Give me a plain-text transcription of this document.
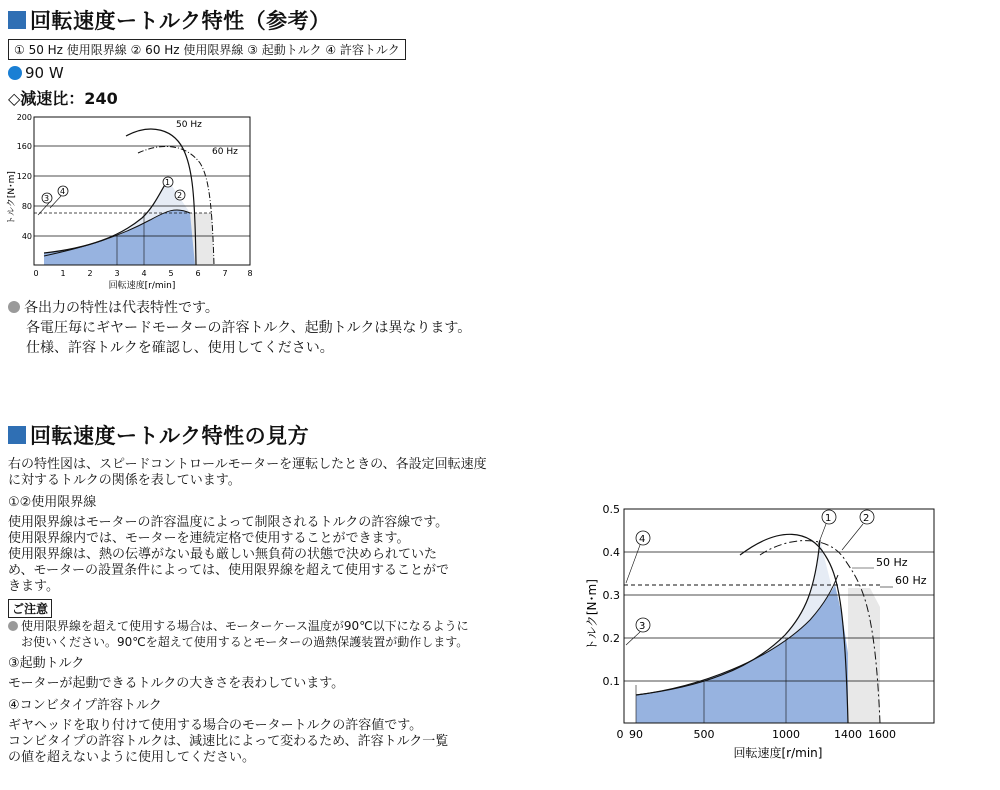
回転速度ートルク特性（参考）
① 50 Hz 使用限界線 ② 60 Hz 使用限界線 ③ 起動トルク ④ 許容トルク
90 W
◇減速比：240
50 Hz
60 Hz
1
2
3
4
200
160
120
80
40
0	1	2	3	4	5	6	7 8
回転速度[r/min]
トルク[N･m]
各出力の特性は代表特性です。
各電圧毎にギヤードモーターの許容トルク、起動トルクは異なります。
仕様、許容トルクを確認し、使用してください。
回転速度ートルク特性の見方
右の特性図は、スピードコントロールモーターを運転したときの、各設定回転速度
に対するトルクの関係を表しています。
①②使用限界線
使用限界線はモーターの許容温度によって制限されるトルクの許容線です。
使用限界線内では、モーターを連続定格で使用することができます。
使用限界線は、熱の伝導がない最も厳しい無負荷の状態で決められていた
め、モーターの設置条件によっては、使用限界線を超えて使用することがで
きます。
ご注意
使用限界線を超えて使用する場合は、モーターケース温度が90℃以下になるように
お使いください。90℃を超えて使用するとモーターの過熱保護装置が動作します。
③起動トルク
モーターが起動できるトルクの大きさを表わしています。
④コンビタイプ許容トルク
ギヤヘッドを取り付けて使用する場合のモータートルクの許容値です。
コンビタイプの許容トルクは、減速比によって変わるため、許容トルク一覧
の値を超えないように使用してください。
1	2
4
3
50 Hz
60 Hz
0.5
0.4
0.3
0.2
0.1
0 90	500	1000	1400 1600
回転速度[r/min]
トルク[N･m]
